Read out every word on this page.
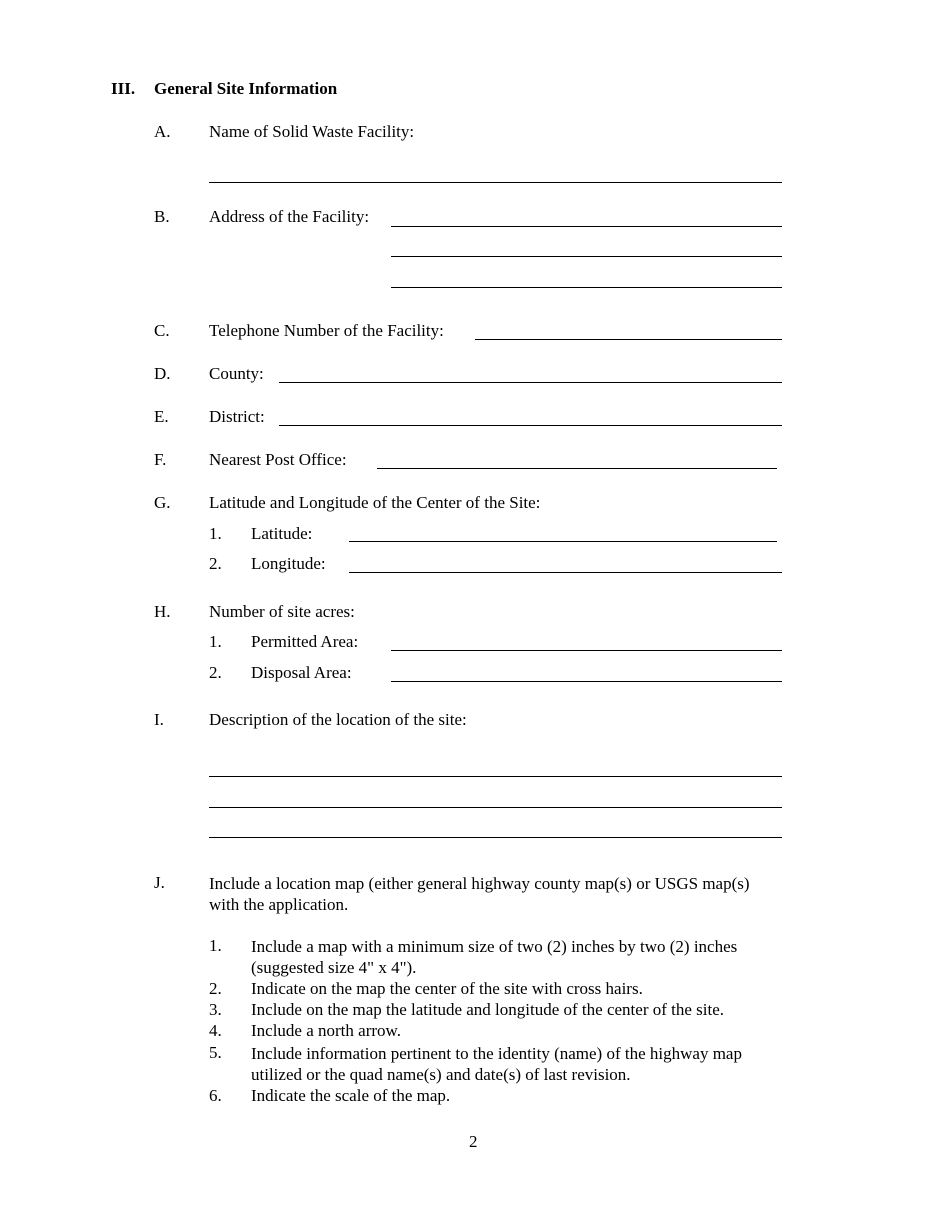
III. General Site Information
A. Name of Solid Waste Facility:
B. Address of the Facility:
C. Telephone Number of the Facility:
D. County:
E. District:
F.	Nearest Post Office:
G. Latitude and Longitude of the Center of the Site:
1. Latitude:
2. Longitude:
H. Number of site acres:
1. Permitted Area:
2. Disposal Area:
I.	Description of the location of the site:
J.	Include a location map (either general highway county map(s) or USGS map(s) with the application.
1. Include a map with a minimum size of two (2) inches by two (2) inches (suggested size 4" x 4").
2. Indicate on the map the center of the site with cross hairs.
3. Include on the map the latitude and longitude of the center of the site.
4. Include a north arrow.
5. Include information pertinent to the identity (name) of the highway map utilized or the quad name(s) and date(s) of last revision.
6. Indicate the scale of the map.
2
